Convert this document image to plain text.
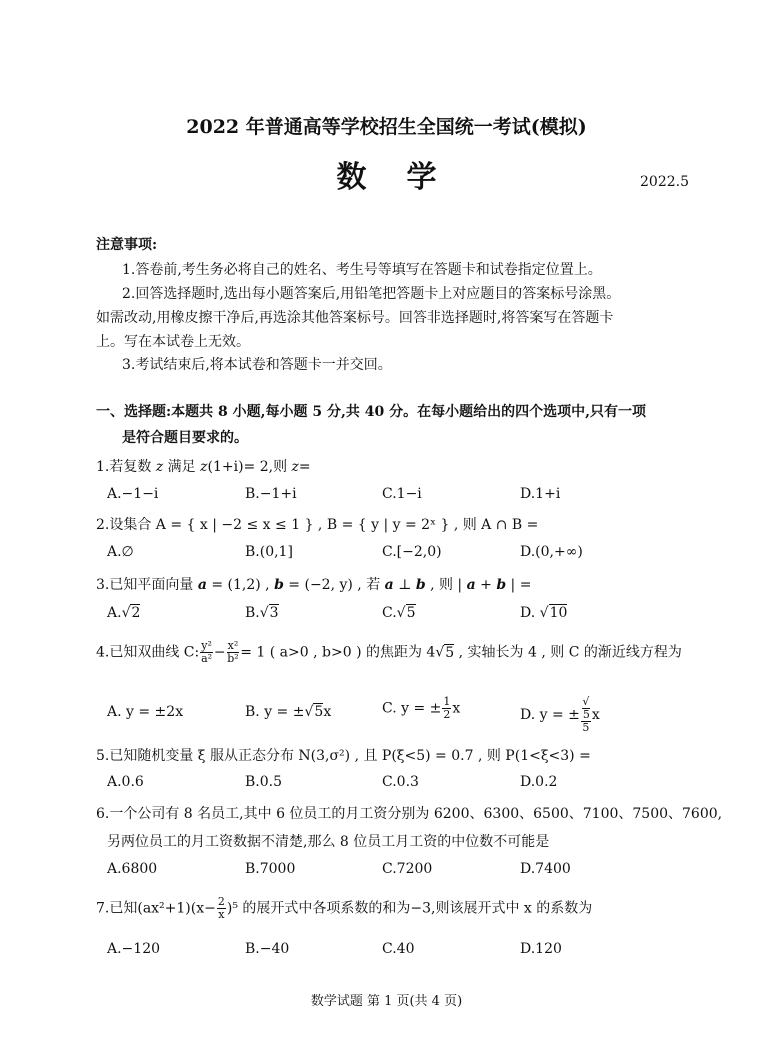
2022 年普通高等学校招生全国统一考试(模拟)
数学	2022.5
注意事项:
1.答卷前,考生务必将自己的姓名、考生号等填写在答题卡和试卷指定位置上。
2.回答选择题时,选出每小题答案后,用铅笔把答题卡上对应题目的答案标号涂黑。
如需改动,用橡皮擦干净后,再选涂其他答案标号。回答非选择题时,将答案写在答题卡
上。写在本试卷上无效。
3.考试结束后,将本试卷和答题卡一并交回。
一、选择题:本题共 8 小题,每小题 5 分,共 40 分。在每小题给出的四个选项中,只有一项
是符合题目要求的。
1.若复数 z 满足 z(1+i)= 2,则 z=
A.−1−i	B.−1+i	C.1−i	D.1+i
2.设集合 A = { x | −2 ≤ x ≤ 1 } , B = { y | y = 2ˣ } , 则 A ∩ B =
A.∅	B.(0,1]	C.[−2,0)	D.(0,+∞)
3.已知平面向量 a = (1,2) , b = (−2, y) , 若 a ⊥ b , 则 | a + b | =
A.√2	B.√3	C.√5	D. √10
4.已知双曲线 C: $\frac{\text{y²}}{\text{a²}} - \frac{\text{x²}}{\text{b²}} = 1$ ( a>0 , b>0 ) 的焦距为 4√5 , 实轴长为 4 , 则 C 的渐近线方程为
A. y = ±2x	B. y = ±√5x	C. y = ± $\frac{1}{2}$ x	D. y = ± √
5
5 x
5.已知随机变量 ξ 服从正态分布 N(3,σ²) , 且 P(ξ<5) = 0.7 , 则 P(1<ξ<3) =
A.0.6	B.0.5	C.0.3	D.0.2
6.一个公司有 8 名员工,其中 6 位员工的月工资分别为 6200、6300、6500、7100、7500、7600,
另两位员工的月工资数据不清楚,那么 8 位员工月工资的中位数不可能是
A.6800	B.7000	C.7200	D.7400
7.已知$(ax^2+1)(x- \frac{2}{x} )^5$ 的展开式中各项系数的和为−3,则该展开式中 x 的系数为
A.−120	B.−40	C.40	D.120
数学试题 第 1 页(共 4 页)
